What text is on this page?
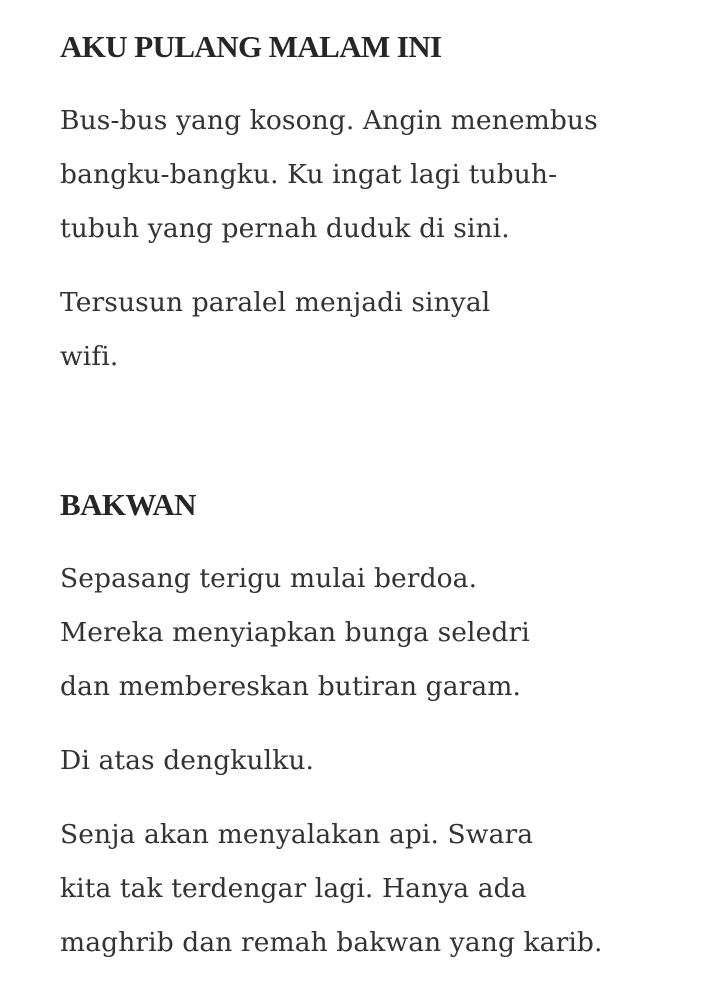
AKU PULANG MALAM INI

Bus-bus yang kosong. Angin menembus
bangku-bangku. Ku ingat lagi tubuh-
tubuh yang pernah duduk di sini.

Tersusun paralel menjadi sinyal
wifi.

BAKWAN

Sepasang terigu mulai berdoa.
Mereka menyiapkan bunga seledri
dan membereskan butiran garam.

Di atas dengkulku.

Senja akan menyalakan api. Swara
kita tak terdengar lagi. Hanya ada
maghrib dan remah bakwan yang karib.
